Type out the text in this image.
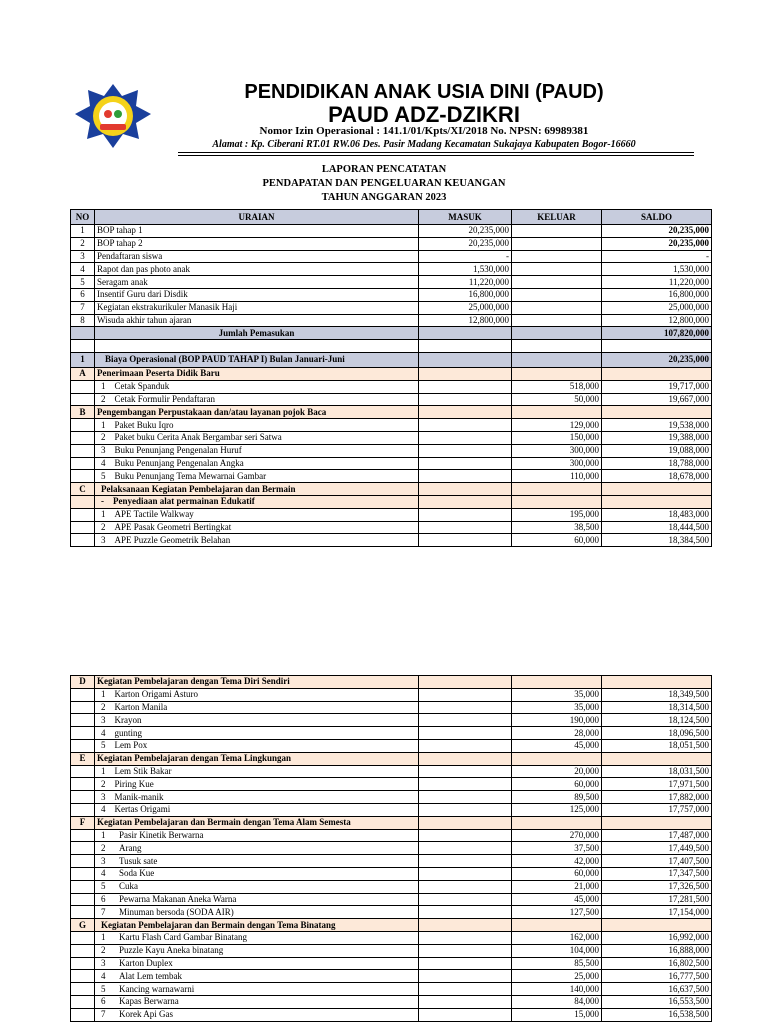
PENDIDIKAN ANAK USIA DINI (PAUD)
PAUD ADZ-DZIKRI
Nomor Izin Operasional : 141.1/01/Kpts/XI/2018 No. NPSN: 69989381
Alamat : Kp. Ciberani RT.01 RW.06 Des. Pasir Madang Kecamatan Sukajaya Kabupaten Bogor-16660
LAPORAN PENCATATAN
PENDAPATAN DAN PENGELUARAN KEUANGAN
TAHUN ANGGARAN 2023
NO	URAIAN	MASUK	KELUAR	SALDO
1	BOP tahap 1	20,235,000		20,235,000
2	BOP tahap 2	20,235,000		20,235,000
3	Pendaftaran siswa	-		-
4	Rapot dan pas photo anak	1,530,000		1,530,000
5	Seragam anak	11,220,000		11,220,000
6	Insentif Guru dari Disdik	16,800,000		16,800,000
7	Kegiatan ekstrakurikuler Manasik Haji	25,000,000		25,000,000
8	Wisuda akhir tahun ajaran	12,800,000		12,800,000
	Jumlah Pemasukan			107,820,000

1	Biaya Operasional (BOP PAUD TAHAP I) Bulan Januari-Juni			20,235,000
A	Penerimaan Peserta Didik Baru			
	1 Cetak Spanduk		518,000	19,717,000
	2 Cetak Formulir Pendaftaran		50,000	19,667,000
B	Pengembangan Perpustakaan dan/atau layanan pojok Baca			
	1 Paket Buku Iqro		129,000	19,538,000
	2 Paket buku Cerita Anak Bergambar seri Satwa		150,000	19,388,000
	3 Buku Penunjang Pengenalan Huruf		300,000	19,088,000
	4 Buku Penunjang Pengenalan Angka		300,000	18,788,000
	5 Buku Penunjang Tema Mewarnai Gambar		110,000	18,678,000
C	Pelaksanaan Kegiatan Pembelajaran dan Bermain			
	- Penyediaan alat permainan Edukatif			
	1 APE Tactile Walkway		195,000	18,483,000
	2 APE Pasak Geometri Bertingkat		38,500	18,444,500
	3 APE Puzzle Geometrik Belahan		60,000	18,384,500
D	Kegiatan Pembelajaran dengan Tema Diri Sendiri			
	1 Karton Origami Asturo		35,000	18,349,500
	2 Karton Manila		35,000	18,314,500
	3 Krayon		190,000	18,124,500
	4 gunting		28,000	18,096,500
	5 Lem Pox		45,000	18,051,500
E	Kegiatan Pembelajaran dengan Tema Lingkungan			
	1 Lem Stik Bakar		20,000	18,031,500
	2 Piring Kue		60,000	17,971,500
	3 Manik-manik		89,500	17,882,000
	4 Kertas Origami		125,000	17,757,000
F	Kegiatan Pembelajaran dan Bermain dengan Tema Alam Semesta			
	1 Pasir Kinetik Berwarna		270,000	17,487,000
	2 Arang		37,500	17,449,500
	3 Tusuk sate		42,000	17,407,500
	4 Soda Kue		60,000	17,347,500
	5 Cuka		21,000	17,326,500
	6 Pewarna Makanan Aneka Warna		45,000	17,281,500
	7 Minuman bersoda (SODA AIR)		127,500	17,154,000
G	Kegiatan Pembelajaran dan Bermain dengan Tema Binatang			
	1 Kartu Flash Card Gambar Binatang		162,000	16,992,000
	2 Puzzle Kayu Aneka binatang		104,000	16,888,000
	3 Karton Duplex		85,500	16,802,500
	4 Alat Lem tembak		25,000	16,777,500
	5 Kancing warnawarni		140,000	16,637,500
	6 Kapas Berwarna		84,000	16,553,500
	7 Korek Api Gas		15,000	16,538,500
